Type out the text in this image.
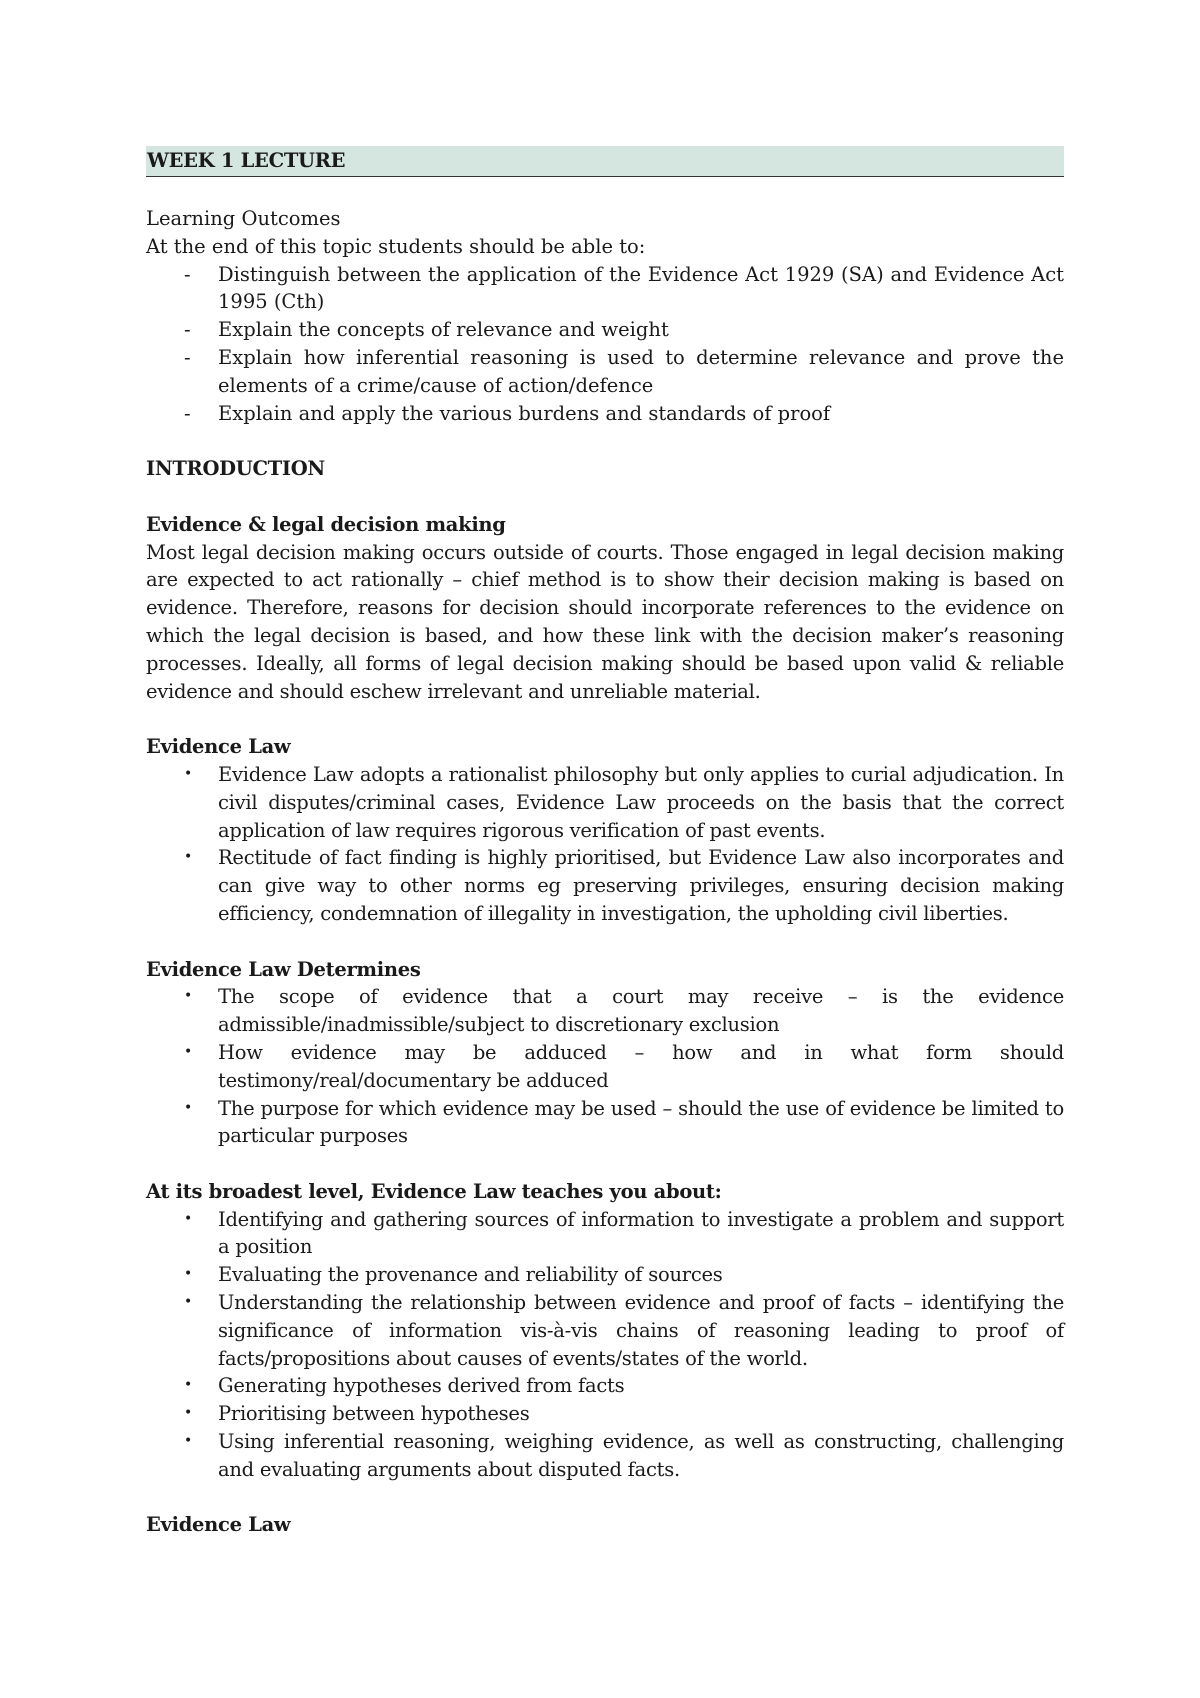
WEEK 1 LECTURE

Learning Outcomes

At the end of this topic students should be able to:

- Distinguish between the application of the Evidence Act 1929 (SA) and Evidence Act 1995 (Cth)
- Explain the concepts of relevance and weight
- Explain how inferential reasoning is used to determine relevance and prove the elements of a crime/cause of action/defence
- Explain and apply the various burdens and standards of proof

INTRODUCTION

Evidence & legal decision making

Most legal decision making occurs outside of courts. Those engaged in legal decision making are expected to act rationally – chief method is to show their decision making is based on evidence. Therefore, reasons for decision should incorporate references to the evidence on which the legal decision is based, and how these link with the decision maker’s reasoning processes. Ideally, all forms of legal decision making should be based upon valid & reliable evidence and should eschew irrelevant and unreliable material.

Evidence Law

• Evidence Law adopts a rationalist philosophy but only applies to curial adjudication. In civil disputes/criminal cases, Evidence Law proceeds on the basis that the correct application of law requires rigorous verification of past events.
• Rectitude of fact finding is highly prioritised, but Evidence Law also incorporates and can give way to other norms eg preserving privileges, ensuring decision making efficiency, condemnation of illegality in investigation, the upholding civil liberties.

Evidence Law Determines

• The scope of evidence that a court may receive – is the evidence admissible/inadmissible/subject to discretionary exclusion
• How evidence may be adduced – how and in what form should testimony/real/documentary be adduced
• The purpose for which evidence may be used – should the use of evidence be limited to particular purposes

At its broadest level, Evidence Law teaches you about:

• Identifying and gathering sources of information to investigate a problem and support a position
• Evaluating the provenance and reliability of sources
• Understanding the relationship between evidence and proof of facts – identifying the significance of information vis-à-vis chains of reasoning leading to proof of facts/propositions about causes of events/states of the world.
• Generating hypotheses derived from facts
• Prioritising between hypotheses
• Using inferential reasoning, weighing evidence, as well as constructing, challenging and evaluating arguments about disputed facts.

Evidence Law
